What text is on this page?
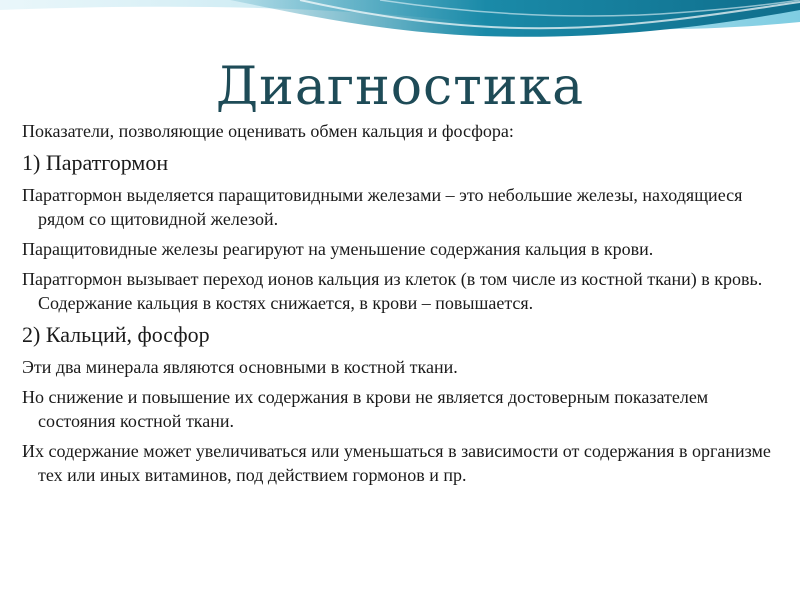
Диагностика

Показатели, позволяющие оценивать обмен кальция и фосфора:

1) Паратгормон

Паратгормон выделяется паращитовидными железами – это небольшие железы, находящиеся рядом со щитовидной железой.

Паращитовидные железы реагируют на уменьшение содержания кальция в крови.

Паратгормон вызывает переход ионов кальция из клеток (в том числе из костной ткани) в кровь. Содержание кальция в костях снижается, в крови – повышается.

2) Кальций, фосфор

Эти два минерала являются основными в костной ткани.

Но снижение и повышение их содержания в крови не является достоверным показателем состояния костной ткани.

Их содержание может увеличиваться или уменьшаться в зависимости от содержания в организме тех или иных витаминов, под действием гормонов и пр.
